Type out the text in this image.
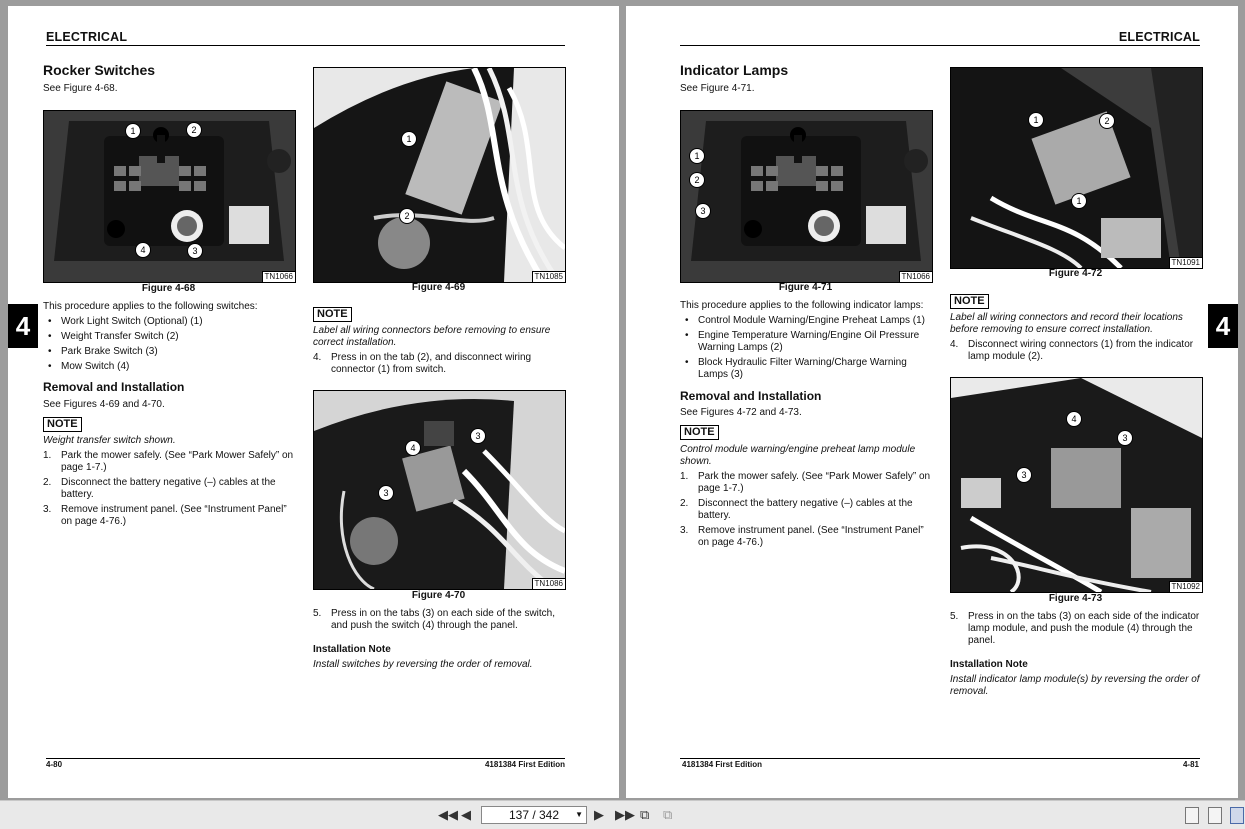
ELECTRICAL
4
Rocker Switches
See Figure 4-68.
1	2
4	3
TN1066
Figure 4-68
This procedure applies to the following switches:
• Work Light Switch (Optional) (1)
• Weight Transfer Switch (2)
• Park Brake Switch (3)
• Mow Switch (4)
Removal and Installation
See Figures 4-69 and 4-70.
NOTE
Weight transfer switch shown.
1. Park the mower safely. (See “Park Mower Safely” on page 1-7.)
2. Disconnect the battery negative (–) cables at the battery.
3. Remove instrument panel. (See “Instrument Panel” on page 4-76.)
1
2
TN1085
Figure 4-69
NOTE
Label all wiring connectors before removing to ensure correct installation.
4. Press in on the tab (2), and disconnect wiring connector (1) from switch.
3
4
3
TN1086
Figure 4-70
5. Press in on the tabs (3) on each side of the switch, and push the switch (4) through the panel.
Installation Note
Install switches by reversing the order of removal.
4-80	4181384 First Edition
ELECTRICAL
4
Indicator Lamps
See Figure 4-71.
1
2
3
TN1066
Figure 4-71
This procedure applies to the following indicator lamps:
• Control Module Warning/Engine Preheat Lamps (1)
• Engine Temperature Warning/Engine Oil Pressure Warning Lamps (2)
• Block Hydraulic Filter Warning/Charge Warning Lamps (3)
Removal and Installation
See Figures 4-72 and 4-73.
NOTE
Control module warning/engine preheat lamp module shown.
1. Park the mower safely. (See “Park Mower Safely” on page 1-7.)
2. Disconnect the battery negative (–) cables at the battery.
3. Remove instrument panel. (See “Instrument Panel” on page 4-76.)
1	2
1
TN1091
Figure 4-72
NOTE
Label all wiring connectors and record their locations before removing to ensure correct installation.
4. Disconnect wiring connectors (1) from the indicator lamp module (2).
4
3
3
TN1092
Figure 4-73
5. Press in on the tabs (3) on each side of the indicator lamp module, and push the module (4) through the panel.
Installation Note
Install indicator lamp module(s) by reversing the order of removal.
4181384 First Edition	4-81
◀◀ ◀	137 / 342 ▼ ▶ ▶▶ ⧉ ⧉
